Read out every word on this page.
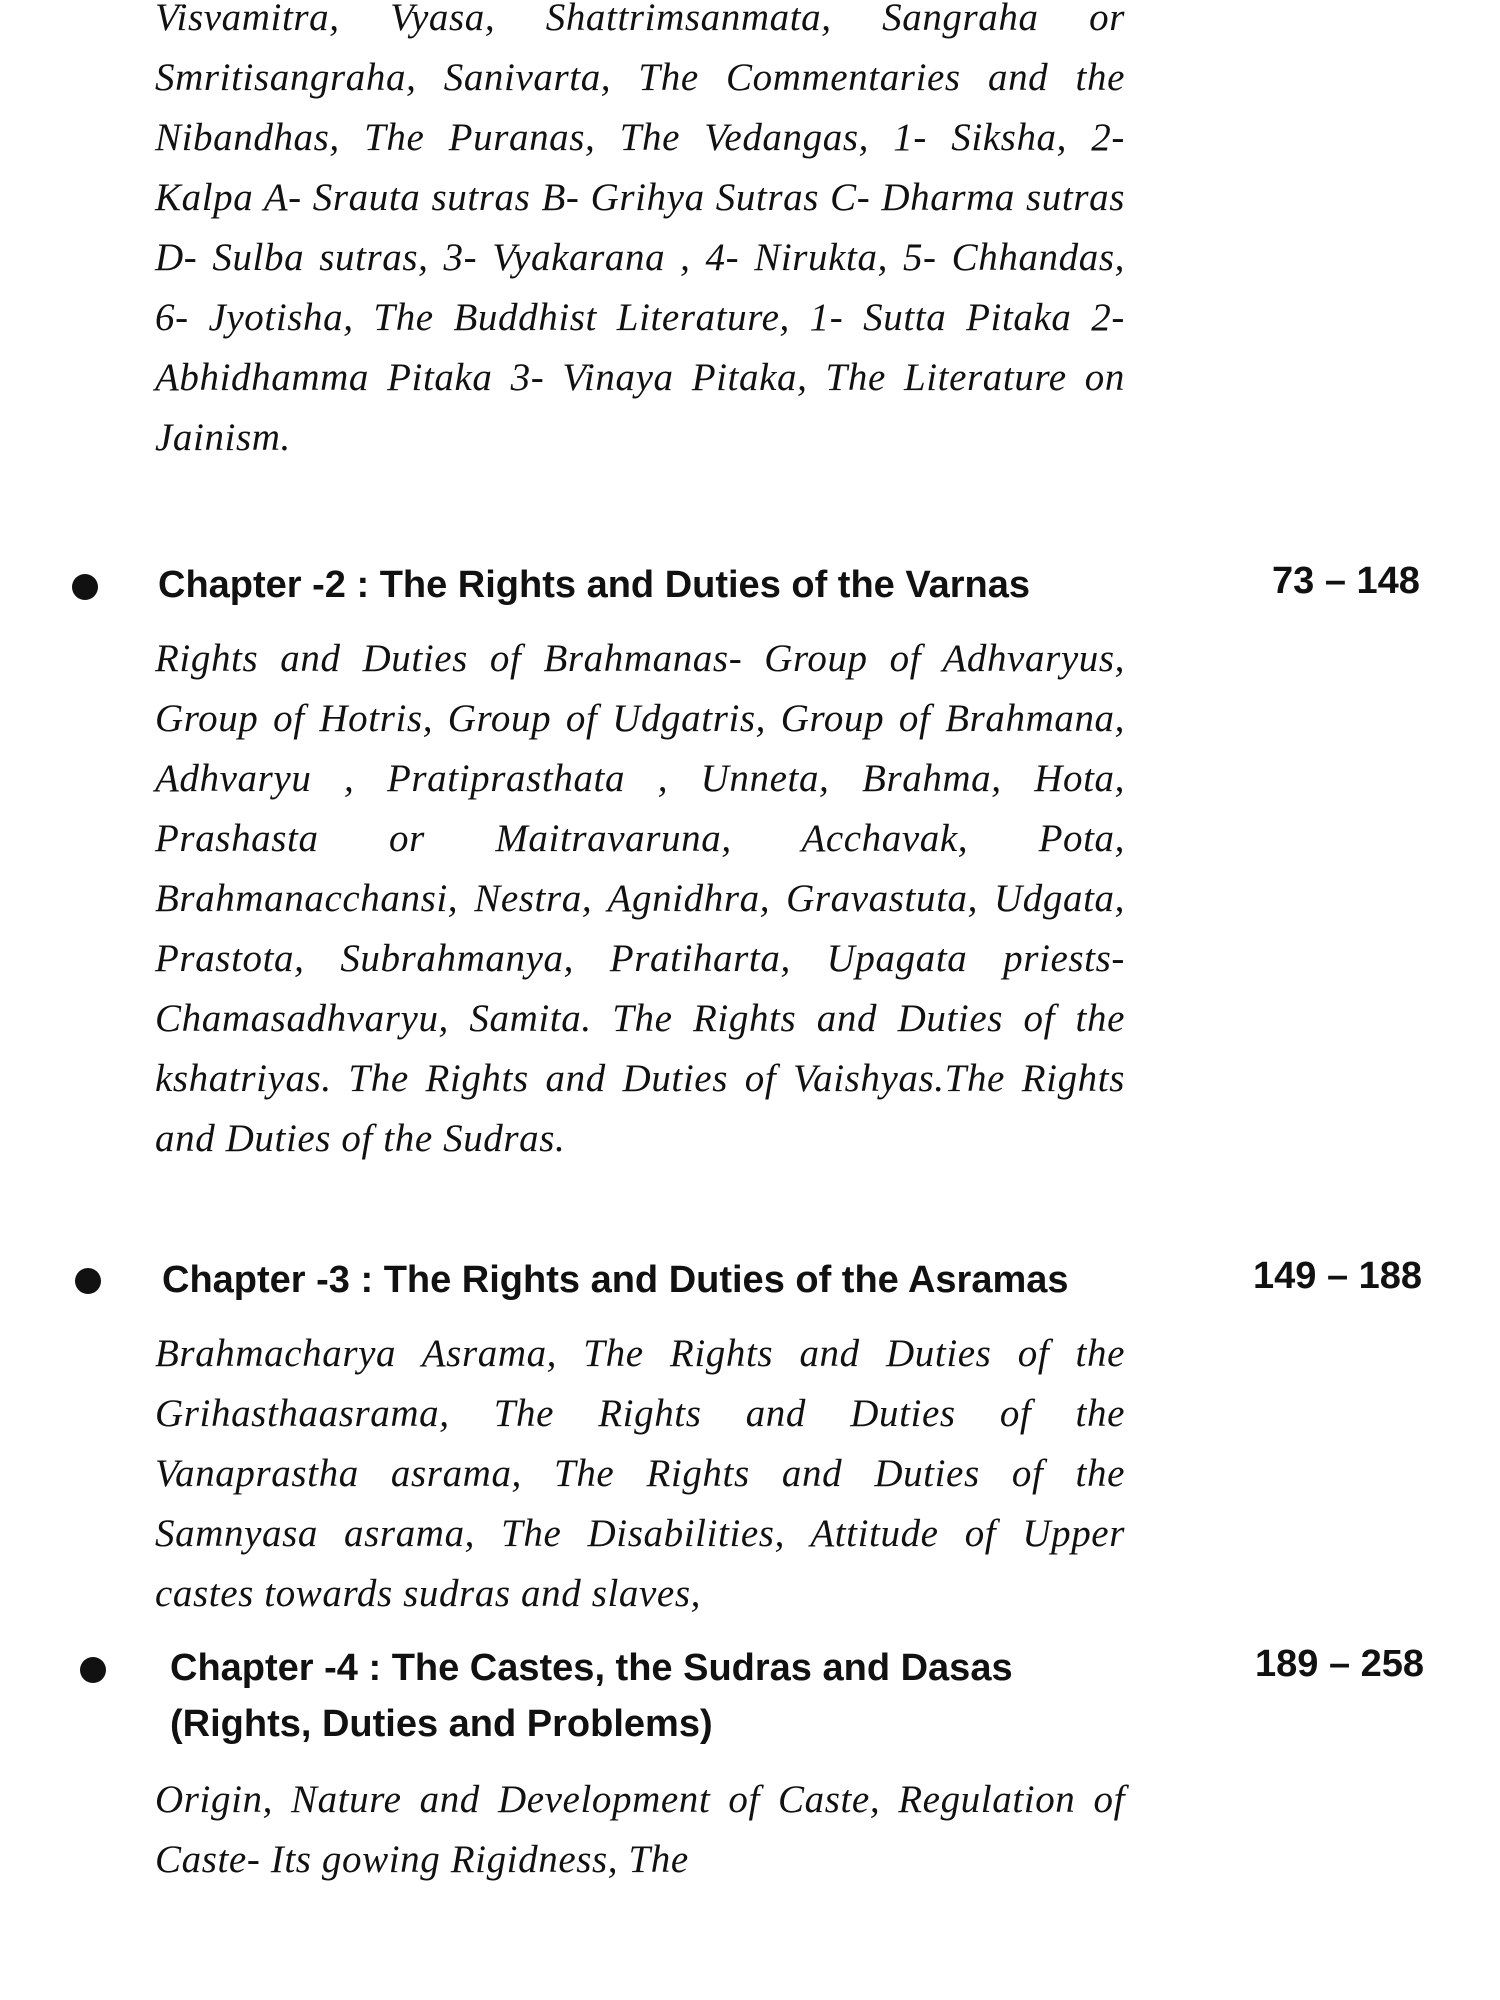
Visvamitra, Vyasa, Shattrimsanmata, Sangraha or Smritisangraha, Sanivarta, The Commentaries and the Nibandhas, The Puranas, The Vedangas, 1- Siksha, 2- Kalpa A- Srauta sutras B- Grihya Sutras C- Dharma sutras D- Sulba sutras, 3- Vyakarana , 4- Nirukta, 5- Chhandas, 6- Jyotisha, The Buddhist Literature, 1- Sutta Pitaka 2- Abhidhamma Pitaka 3- Vinaya Pitaka, The Literature on Jainism.

Chapter -2 : The Rights and Duties of the Varnas	73 – 148

Rights and Duties of Brahmanas- Group of Adhvaryus, Group of Hotris, Group of Udgatris, Group of Brahmana, Adhvaryu , Pratiprasthata , Unneta, Brahma, Hota, Prashasta or Maitravaruna, Acchavak, Pota, Brahmanacchansi, Nestra, Agnidhra, Gravastuta, Udgata, Prastota, Subrahmanya, Pratiharta, Upagata priests- Chamasadhvaryu, Samita. The Rights and Duties of the kshatriyas. The Rights and Duties of Vaishyas.The Rights and Duties of the Sudras.

Chapter -3 : The Rights and Duties of the Asramas	149 – 188

Brahmacharya Asrama, The Rights and Duties of the Grihasthaasrama, The Rights and Duties of the Vanaprastha asrama, The Rights and Duties of the Samnyasa asrama, The Disabilities, Attitude of Upper castes towards sudras and slaves,

Chapter -4 : The Castes, the Sudras and Dasas
(Rights, Duties and Problems)
189 – 258

Origin, Nature and Development of Caste, Regulation of Caste- Its gowing Rigidness, The
